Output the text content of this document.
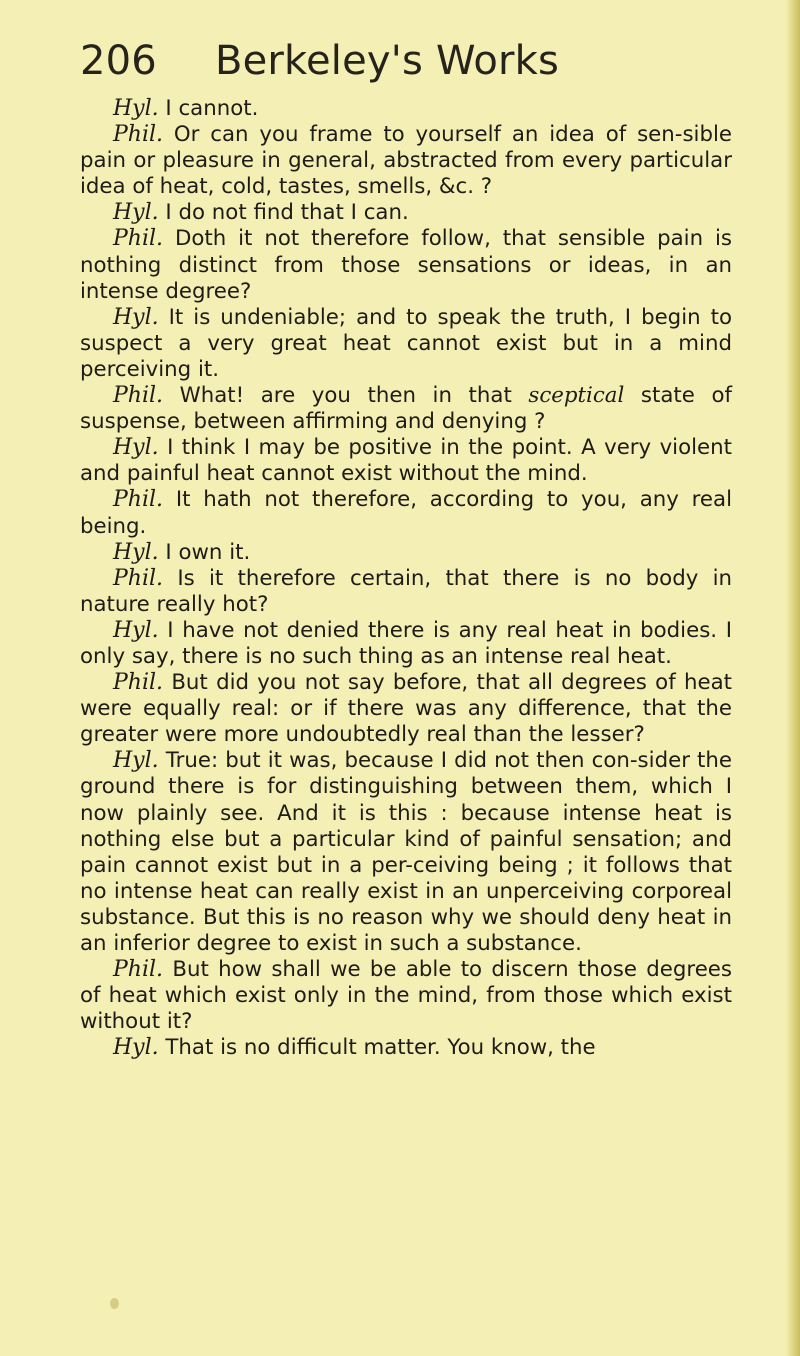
206 Berkeley's Works

Hyl. I cannot.

Phil. Or can you frame to yourself an idea of sen-sible pain or pleasure in general, abstracted from every particular idea of heat, cold, tastes, smells, &c. ?

Hyl. I do not find that I can.

Phil. Doth it not therefore follow, that sensible pain is nothing distinct from those sensations or ideas, in an intense degree?

Hyl. It is undeniable; and to speak the truth, I begin to suspect a very great heat cannot exist but in a mind perceiving it.

Phil. What! are you then in that sceptical state of suspense, between affirming and denying ?

Hyl. I think I may be positive in the point. A very violent and painful heat cannot exist without the mind.

Phil. It hath not therefore, according to you, any real being.

Hyl. I own it.

Phil. Is it therefore certain, that there is no body in nature really hot?

Hyl. I have not denied there is any real heat in bodies. I only say, there is no such thing as an intense real heat.

Phil. But did you not say before, that all degrees of heat were equally real: or if there was any difference, that the greater were more undoubtedly real than the lesser?

Hyl. True: but it was, because I did not then con-sider the ground there is for distinguishing between them, which I now plainly see. And it is this : because intense heat is nothing else but a particular kind of painful sensation; and pain cannot exist but in a per-ceiving being ; it follows that no intense heat can really exist in an unperceiving corporeal substance. But this is no reason why we should deny heat in an inferior degree to exist in such a substance.

Phil. But how shall we be able to discern those degrees of heat which exist only in the mind, from those which exist without it?

Hyl. That is no difficult matter. You know, the
